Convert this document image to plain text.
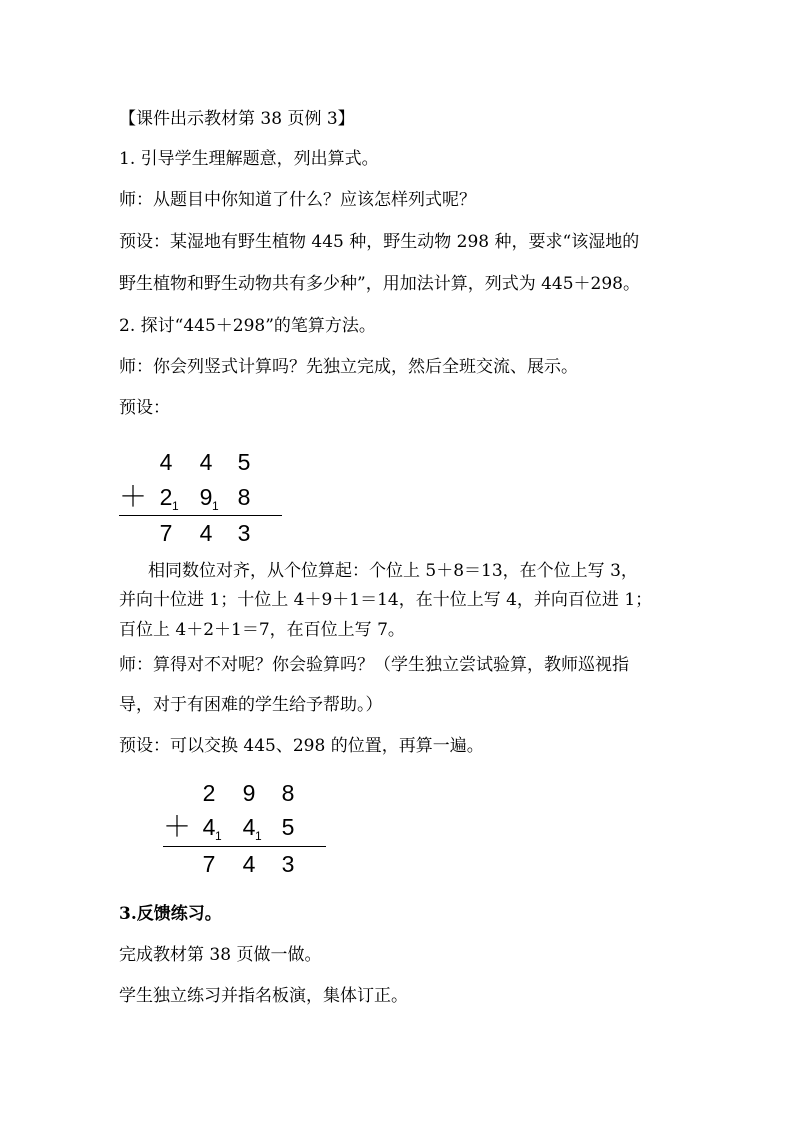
【课件出示教材第 38 页例 3】
1. 引导学生理解题意，列出算式。
师：从题目中你知道了什么？应该怎样列式呢？
预设：某湿地有野生植物 445 种，野生动物 298 种，要求“该湿地的
野生植物和野生动物共有多少种”，用加法计算，列式为 445＋298。
2. 探讨“445＋298”的笔算方法。
师：你会列竖式计算吗？先独立完成，然后全班交流、展示。
预设：
4 4 5
＋ 2 1 9 1 8
7 4 3
相同数位对齐，从个位算起：个位上 5＋8＝13，在个位上写 3，
并向十位进 1；十位上 4＋9＋1＝14，在十位上写 4，并向百位进 1；
百位上 4＋2＋1＝7，在百位上写 7。
师：算得对不对呢？你会验算吗？（学生独立尝试验算，教师巡视指
导，对于有困难的学生给予帮助。）
预设：可以交换 445、298 的位置，再算一遍。
2 9 8
＋ 4 1 4 1 5
7 4 3
3.反馈练习。
完成教材第 38 页做一做。
学生独立练习并指名板演，集体订正。
